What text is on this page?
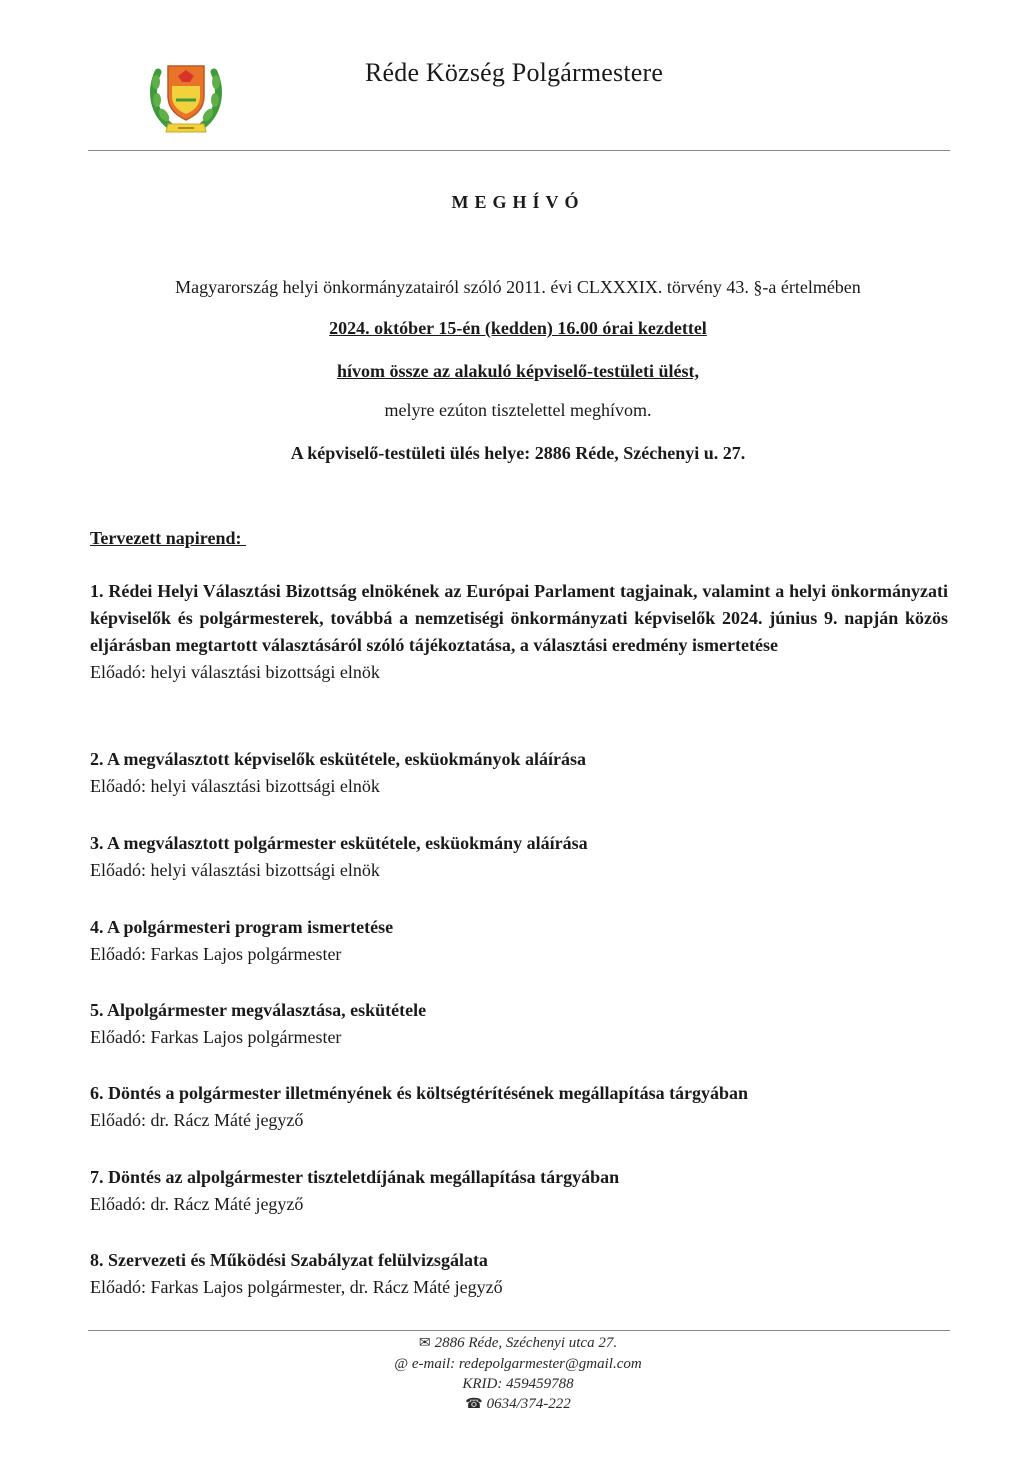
Réde Község Polgármestere
MEGHÍVÓ
Magyarország helyi önkormányzatairól szóló 2011. évi CLXXXIX. törvény 43. §-a értelmében
2024. október 15-én (kedden) 16.00 órai kezdettel
hívom össze az alakuló képviselő-testületi ülést,
melyre ezúton tisztelettel meghívom.
A képviselő-testületi ülés helye: 2886 Réde, Széchenyi u. 27.
Tervezett napirend:
1. Rédei Helyi Választási Bizottság elnökének az Európai Parlament tagjainak, valamint a helyi önkormányzati képviselők és polgármesterek, továbbá a nemzetiségi önkormányzati képviselők 2024. június 9. napján közös eljárásban megtartott választásáról szóló tájékoztatása, a választási eredmény ismertetése
Előadó: helyi választási bizottsági elnök
2. A megválasztott képviselők eskütétele, esküokmányok aláírása
Előadó: helyi választási bizottsági elnök
3. A megválasztott polgármester eskütétele, esküokmány aláírása
Előadó: helyi választási bizottsági elnök
4. A polgármesteri program ismertetése
Előadó: Farkas Lajos polgármester
5. Alpolgármester megválasztása, eskütétele
Előadó: Farkas Lajos polgármester
6. Döntés a polgármester illetményének és költségtérítésének megállapítása tárgyában
Előadó: dr. Rácz Máté jegyző
7. Döntés az alpolgármester tiszteletdíjának megállapítása tárgyában
Előadó: dr. Rácz Máté jegyző
8. Szervezeti és Működési Szabályzat felülvizsgálata
Előadó: Farkas Lajos polgármester, dr. Rácz Máté jegyző
✉ 2886 Réde, Széchenyi utca 27.
@ e-mail: redepolgarmester@gmail.com
KRID: 459459788
☎ 0634/374-222
